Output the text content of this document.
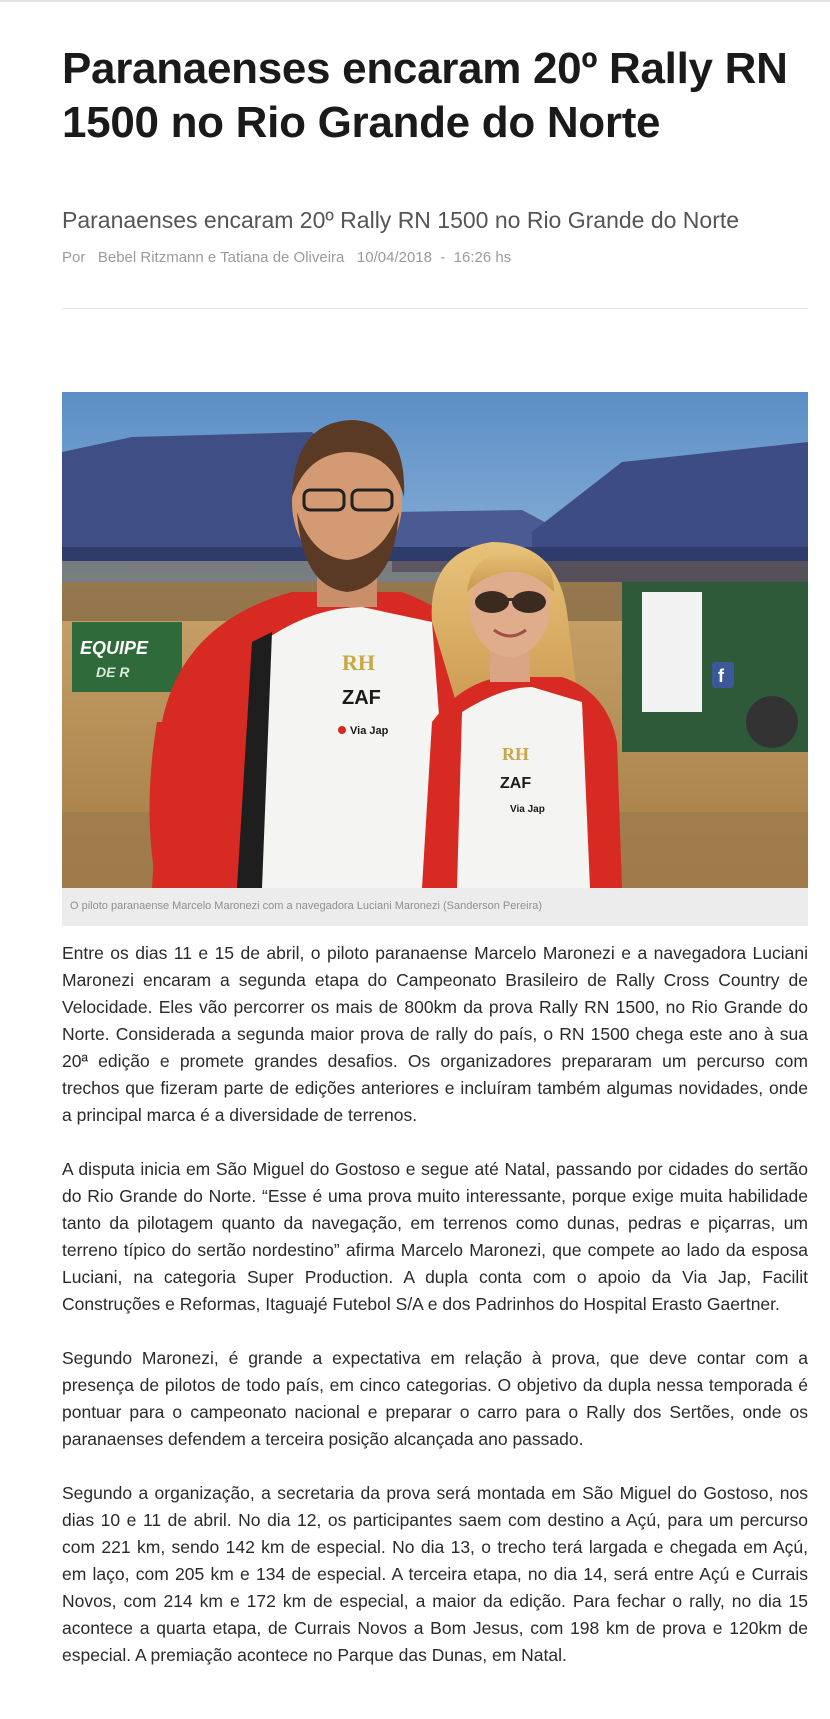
Paranaenses encaram 20º Rally RN 1500 no Rio Grande do Norte
Paranaenses encaram 20º Rally RN 1500 no Rio Grande do Norte
Por Bebel Ritzmann e Tatiana de Oliveira 10/04/2018  -  16:26 hs
EQUIPE
DE R	f
RH
ZAF
Via Jap
RH
ZAF
Via Jap
O piloto paranaense Marcelo Maronezi com a navegadora Luciani Maronezi (Sanderson Pereira)

Entre os dias 11 e 15 de abril, o piloto paranaense Marcelo Maronezi e a navegadora Luciani Maronezi encaram a segunda etapa do Campeonato Brasileiro de Rally Cross Country de Velocidade. Eles vão percorrer os mais de 800km da prova Rally RN 1500, no Rio Grande do Norte. Considerada a segunda maior prova de rally do país, o RN 1500 chega este ano à sua 20ª edição e promete grandes desafios. Os organizadores prepararam um percurso com trechos que fizeram parte de edições anteriores e incluíram também algumas novidades, onde a principal marca é a diversidade de terrenos.

A disputa inicia em São Miguel do Gostoso e segue até Natal, passando por cidades do sertão do Rio Grande do Norte. “Esse é uma prova muito interessante, porque exige muita habilidade tanto da pilotagem quanto da navegação, em terrenos como dunas, pedras e piçarras, um terreno típico do sertão nordestino” afirma Marcelo Maronezi, que compete ao lado da esposa Luciani, na categoria Super Production. A dupla conta com o apoio da Via Jap, Facilit Construções e Reformas, Itaguajé Futebol S/A e dos Padrinhos do Hospital Erasto Gaertner.

Segundo Maronezi, é grande a expectativa em relação à prova, que deve contar com a presença de pilotos de todo país, em cinco categorias. O objetivo da dupla nessa temporada é pontuar para o campeonato nacional e preparar o carro para o Rally dos Sertões, onde os paranaenses defendem a terceira posição alcançada ano passado.

Segundo a organização, a secretaria da prova será montada em São Miguel do Gostoso, nos dias 10 e 11 de abril. No dia 12, os participantes saem com destino a Açú, para um percurso com 221 km, sendo 142 km de especial. No dia 13, o trecho terá largada e chegada em Açú, em laço, com 205 km e 134 de especial. A terceira etapa, no dia 14, será entre Açú e Currais Novos, com 214 km e 172 km de especial, a maior da edição. Para fechar o rally, no dia 15 acontece a quarta etapa, de Currais Novos a Bom Jesus, com 198 km de prova e 120km de especial. A premiação acontece no Parque das Dunas, em Natal.
